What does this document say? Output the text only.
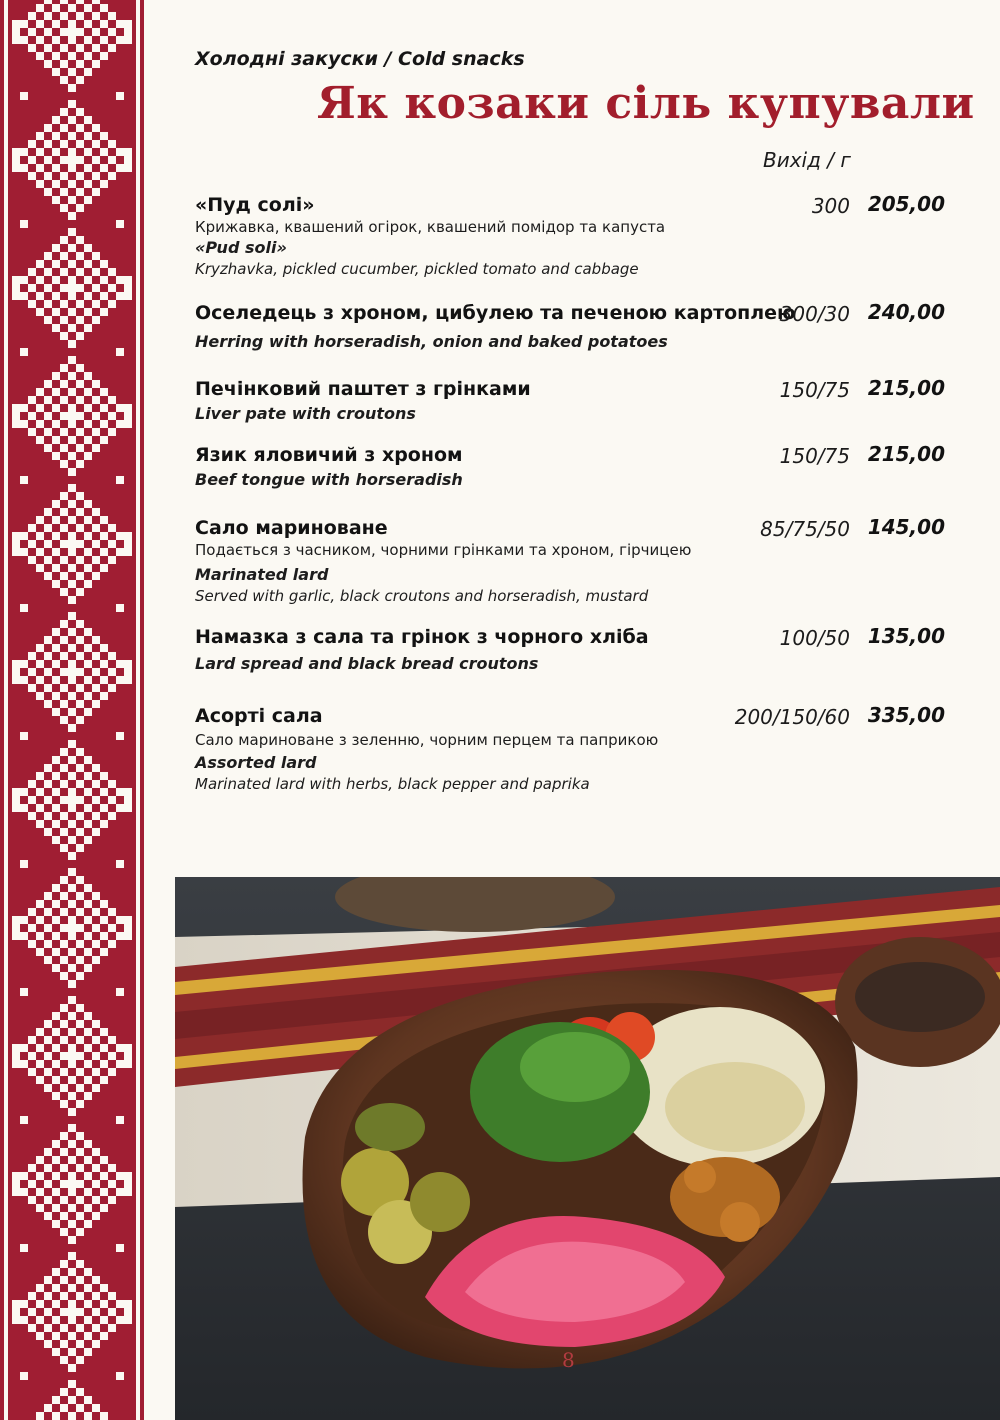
Холодні закуски / Cold snacks
Як козаки сіль купували
Вихід / г
«Пуд солі»
Крижавка, квашений огірок, квашений помідор та капуста
«Pud soli»
Kryzhavka, pickled cucumber, pickled tomato and cabbage
300 205,00
Оселедець з хроном, цибулею та печеною картоплею
Herring with horseradish, onion and baked potatoes
300/30 240,00
Печінковий паштет з грінками
Liver pate with croutons
150/75 215,00
Язик яловичий з хроном
Beef tongue with horseradish
150/75 215,00
Сало мариноване
Подається з часником, чорними грінками та хроном, гірчицею
Marinated lard
Served with garlic, black croutons and horseradish, mustard
85/75/50 145,00
Намазка з сала та грінок з чорного хліба
Lard spread and black bread croutons
100/50 135,00
Асорті сала
Сало мариноване з зеленню, чорним перцем та паприкою
Assorted lard
Marinated lard with herbs, black pepper and paprika
200/150/60 335,00
8
